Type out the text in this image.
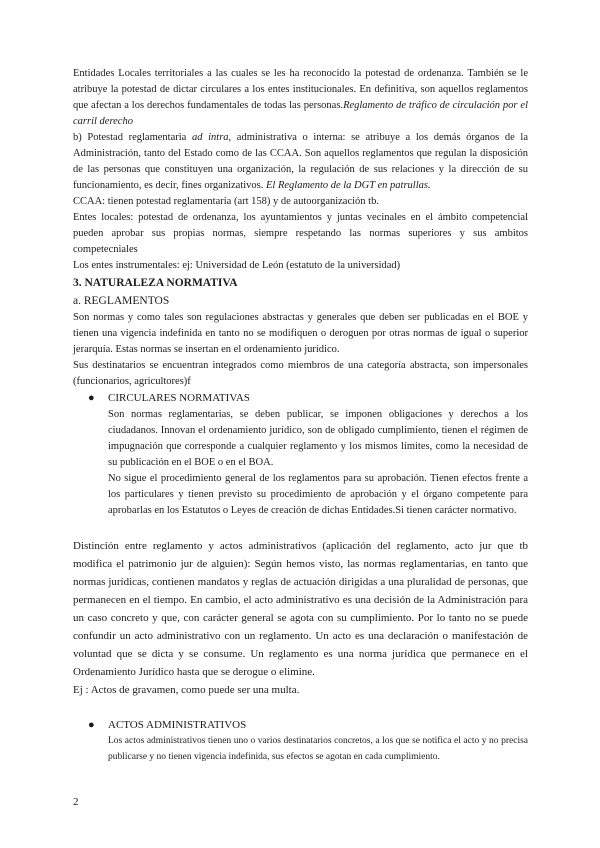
Entidades Locales territoriales a las cuales se les ha reconocido la potestad de ordenanza. También se le atribuye la potestad de dictar circulares a los entes institucionales. En definitiva, son aquellos reglamentos que afectan a los derechos fundamentales de todas las personas.Reglamento de tráfico de circulación por el carril derecho

b) Potestad reglamentaria ad intra, administrativa o interna: se atribuye a los demás órganos de la Administración, tanto del Estado como de las CCAA. Son aquellos reglamentos que regulan la disposición de las personas que constituyen una organización, la regulación de sus relaciones y la dirección de su funcionamiento, es decir, fines organizativos. El Reglamento de la DGT en patrullas.

CCAA: tienen potestad reglamentaria (art 158) y de autoorganización tb.

Entes locales: potestad de ordenanza, los ayuntamientos y juntas vecinales en el ámbito competencial pueden aprobar sus propias normas, siempre respetando las normas superiores y sus ambitos competecniales

Los entes instrumentales: ej: Universidad de León (estatuto de la universidad)

3. NATURALEZA NORMATIVA

a. REGLAMENTOS

Son normas y como tales son regulaciones abstractas y generales que deben ser publicadas en el BOE y tienen una vigencia indefinida en tanto no se modifiquen o deroguen por otras normas de igual o superior jerarquía. Estas normas se insertan en el ordenamiento jurídico.

Sus destinatarios se encuentran integrados como miembros de una categoría abstracta, son impersonales (funcionarios, agricultores)f

● CIRCULARES NORMATIVAS

Son normas reglamentarias, se deben publicar, se imponen obligaciones y derechos a los ciudadanos. Innovan el ordenamiento jurídico, son de obligado cumplimiento, tienen el régimen de impugnación que corresponde a cualquier reglamento y los mismos límites, como la necesidad de su publicación en el BOE o en el BOA.

No sigue el procedimiento general de los reglamentos para su aprobación. Tienen efectos frente a los particulares y tienen previsto su procedimiento de aprobación y el órgano competente para aprobarlas en los Estatutos o Leyes de creación de dichas Entidades.Si tienen carácter normativo.

Distinción entre reglamento y actos administrativos (aplicación del reglamento, acto jur que tb modifica el patrimonio jur de alguien): Según hemos visto, las normas reglamentarias, en tanto que normas jurídicas, contienen mandatos y reglas de actuación dirigidas a una pluralidad de personas, que permanecen en el tiempo. En cambio, el acto administrativo es una decisión de la Administración para un caso concreto y que, con carácter general se agota con su cumplimiento. Por lo tanto no se puede confundir un acto administrativo con un reglamento. Un acto es una declaración o manifestación de voluntad que se dicta y se consume. Un reglamento es una norma jurídica que permanece en el Ordenamiento Jurídico hasta que se derogue o elimine.

Ej : Actos de gravamen, como puede ser una multa.

● ACTOS ADMINISTRATIVOS

Los actos administrativos tienen uno o varios destinatarios concretos, a los que se notifica el acto y no precisa publicarse y no tienen vigencia indefinida, sus efectos se agotan en cada cumplimiento.

2
